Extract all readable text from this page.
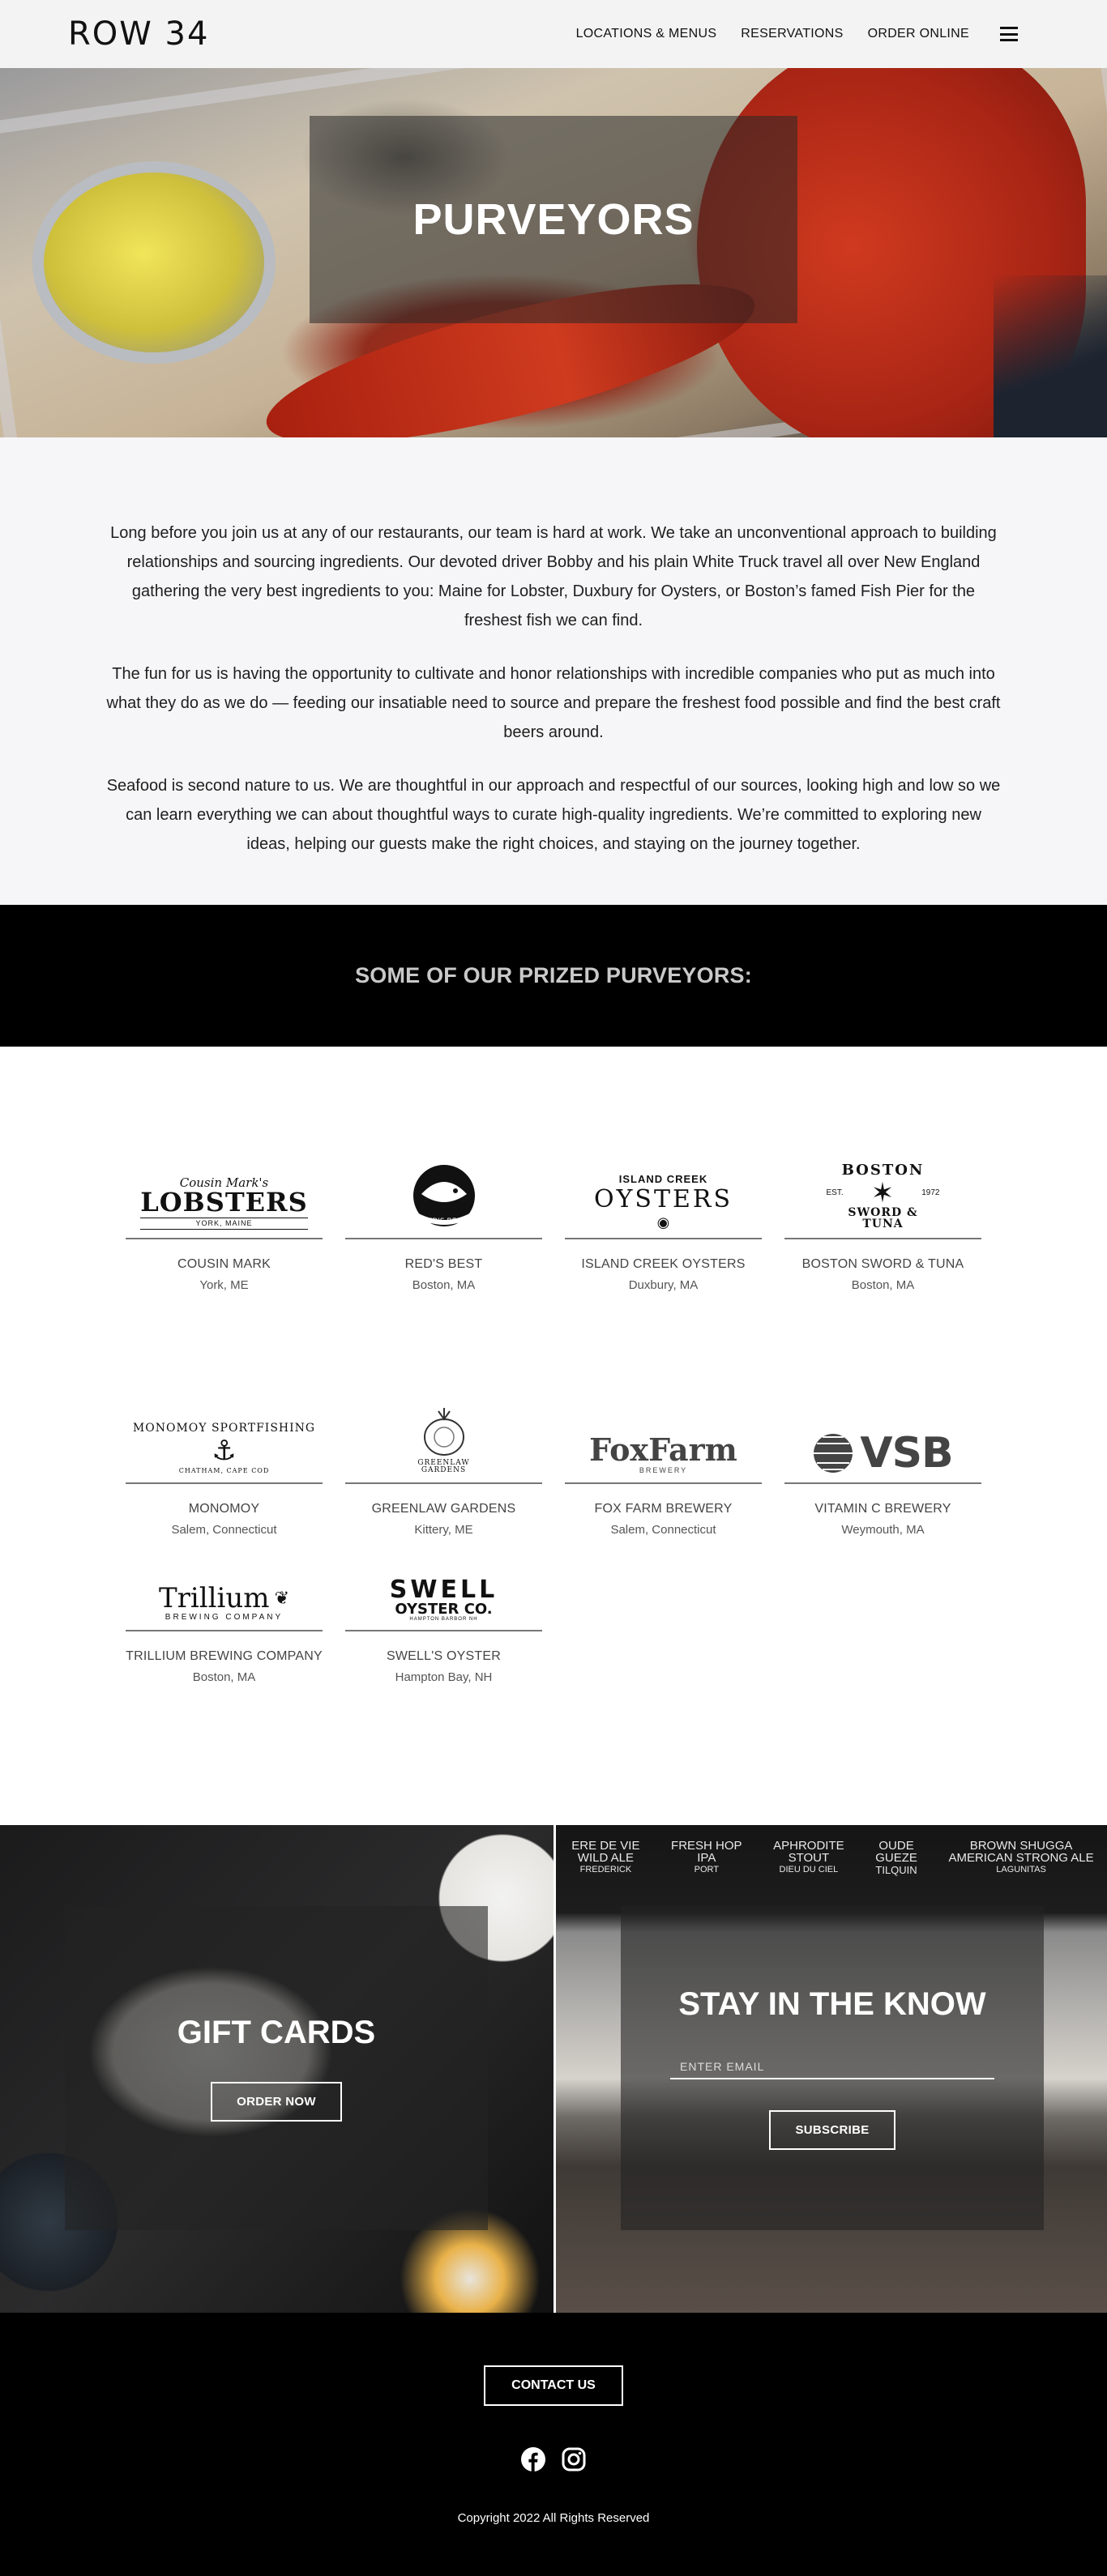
ROW 34	LOCATIONS & MENUS RESERVATIONS ORDER ONLINE
PURVEYORS

Long before you join us at any of our restaurants, our team is hard at work. We take an unconventional approach to building relationships and sourcing ingredients. Our devoted driver Bobby and his plain White Truck travel all over New England gathering the very best ingredients to you: Maine for Lobster, Duxbury for Oysters, or Boston’s famed Fish Pier for the freshest fish we can find.

The fun for us is having the opportunity to cultivate and honor relationships with incredible companies who put as much into what they do as we do — feeding our insatiable need to source and prepare the freshest food possible and find the best craft beers around.

Seafood is second nature to us. We are thoughtful in our approach and respectful of our sources, looking high and low so we can learn everything we can about thoughtful ways to curate high-quality ingredients. We’re committed to exploring new ideas, helping our guests make the right choices, and staying on the journey together.

SOME OF OUR PRIZED PURVEYORS:
Cousin Mark's
LOBSTERS
YORK, MAINE
COUSIN MARK
York, ME
RED'S BEST
RED'S BEST
Boston, MA
ISLAND CREEK
OYSTERS
◉
ISLAND CREEK OYSTERS
Duxbury, MA
BOSTON
EST. ✶	1972
SWORD & TUNA
BOSTON SWORD & TUNA
Boston, MA
MONOMOY SPORTFISHING
⚓
CHATHAM, CAPE COD
MONOMOY
Salem, Connecticut
GREENLAW GARDENS
GREENLAW GARDENS
Kittery, ME
FoxFarm
BREWERY
FOX FARM BREWERY
Salem, Connecticut
VSB
VITAMIN C BREWERY
Weymouth, MA
Trillium ❦
BREWING COMPANY
TRILLIUM BREWING COMPANY
Boston, MA
SWELL
OYSTER CO.
HAMPTON BARBOR NH
SWELL'S OYSTER
Hampton Bay, NH
GIFT CARDS
ORDER NOW
ERE DE VIE
WILD ALE
FREDERICK
FRESH HOP
IPA
PORT
APHRODITE
STOUT
DIEU DU CIEL
OUDE
GUEZE
TILQUIN
BROWN SHUGGA
AMERICAN STRONG ALE
LAGUNITAS
STAY IN THE KNOW
ENTER EMAIL
SUBSCRIBE
CONTACT US
Copyright 2022 All Rights Reserved
